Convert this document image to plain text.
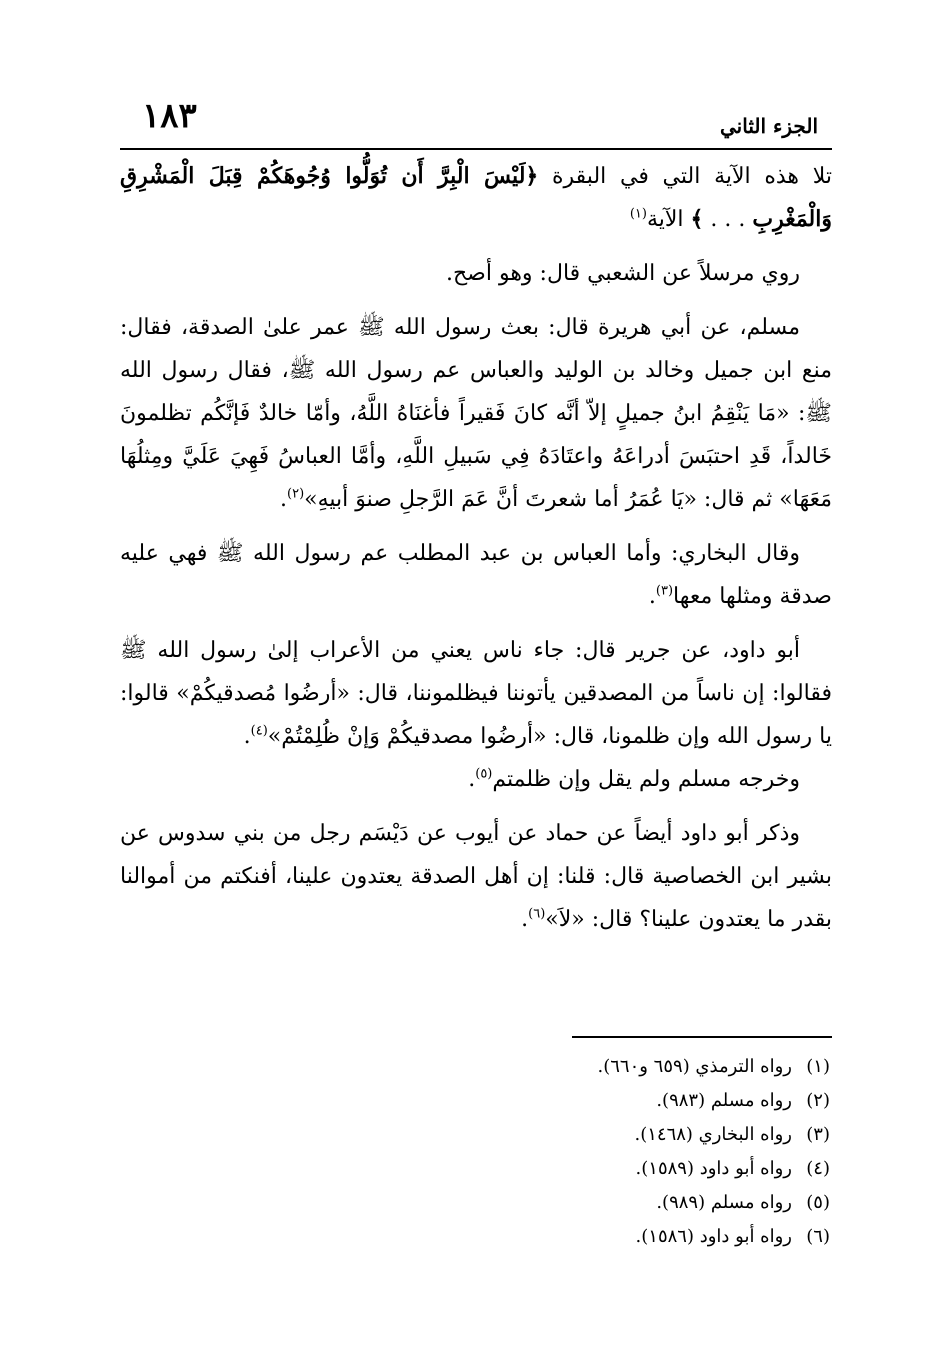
١٨٣	الجزء الثاني

تلا هذه الآية التي في البقرة ﴿لَيْسَ الْبِرَّ أَن تُوَلُّوا وُجُوهَكُمْ قِبَلَ الْمَشْرِقِ وَالْمَغْرِبِ . . . ﴾ الآية$^{(١)}$

روي مرسلاً عن الشعبي قال: وهو أصح.

مسلم، عن أبي هريرة قال: بعث رسول الله ﷺ عمر علىٰ الصدقة، فقال: منع ابن جميل وخالد بن الوليد والعباس عم رسول الله ﷺ، فقال رسول الله ﷺ: «مَا يَنْقِمُ ابنُ جميلٍ إلاّ أنَّه كانَ فَقيراً فأغنَاهُ اللَّهُ، وأمّا خالدٌ فَإنَّكُم تظلمونَ خَالداً، قَدِ احتبَسَ أدراعَهُ واعتَادَهُ فِي سَبيلِ اللَّهِ، وأمَّا العباسُ فَهِيَ عَلَيَّ ومِثلُهَا مَعَهَا» ثم قال: «يَا عُمَرُ أما شعرتَ أنَّ عَمَ الرَّجلِ صنوَ أبيهِ»$^{(٢)}$.

وقال البخاري: وأما العباس بن عبد المطلب عم رسول الله ﷺ فهي عليه صدقة ومثلها معها$^{(٣)}$.

أبو داود، عن جرير قال: جاء ناس يعني من الأعراب إلىٰ رسول الله ﷺ فقالوا: إن ناساً من المصدقين يأتوننا فيظلموننا، قال: «أرضُوا مُصدقيكُمْ» قالوا: يا رسول الله وإن ظلمونا، قال: «أرضُوا مصدقيكُمْ وَإنْ ظُلِمْتُمْ»$^{(٤)}$.

وخرجه مسلم ولم يقل وإن ظلمتم$^{(٥)}$.

وذكر أبو داود أيضاً عن حماد عن أيوب عن دَيْسَم رجل من بني سدوس عن بشير ابن الخصاصية قال: قلنا: إن أهل الصدقة يعتدون علينا، أفنكتم من أموالنا بقدر ما يعتدون علينا؟ قال: «لاَ»$^{(٦)}$.

(١)رواه الترمذي (٦٥٩ و٦٦٠).
(٢)رواه مسلم (٩٨٣).
(٣)رواه البخاري (١٤٦٨).
(٤)رواه أبو داود (١٥٨٩).
(٥)رواه مسلم (٩٨٩).
(٦)رواه أبو داود (١٥٨٦).
